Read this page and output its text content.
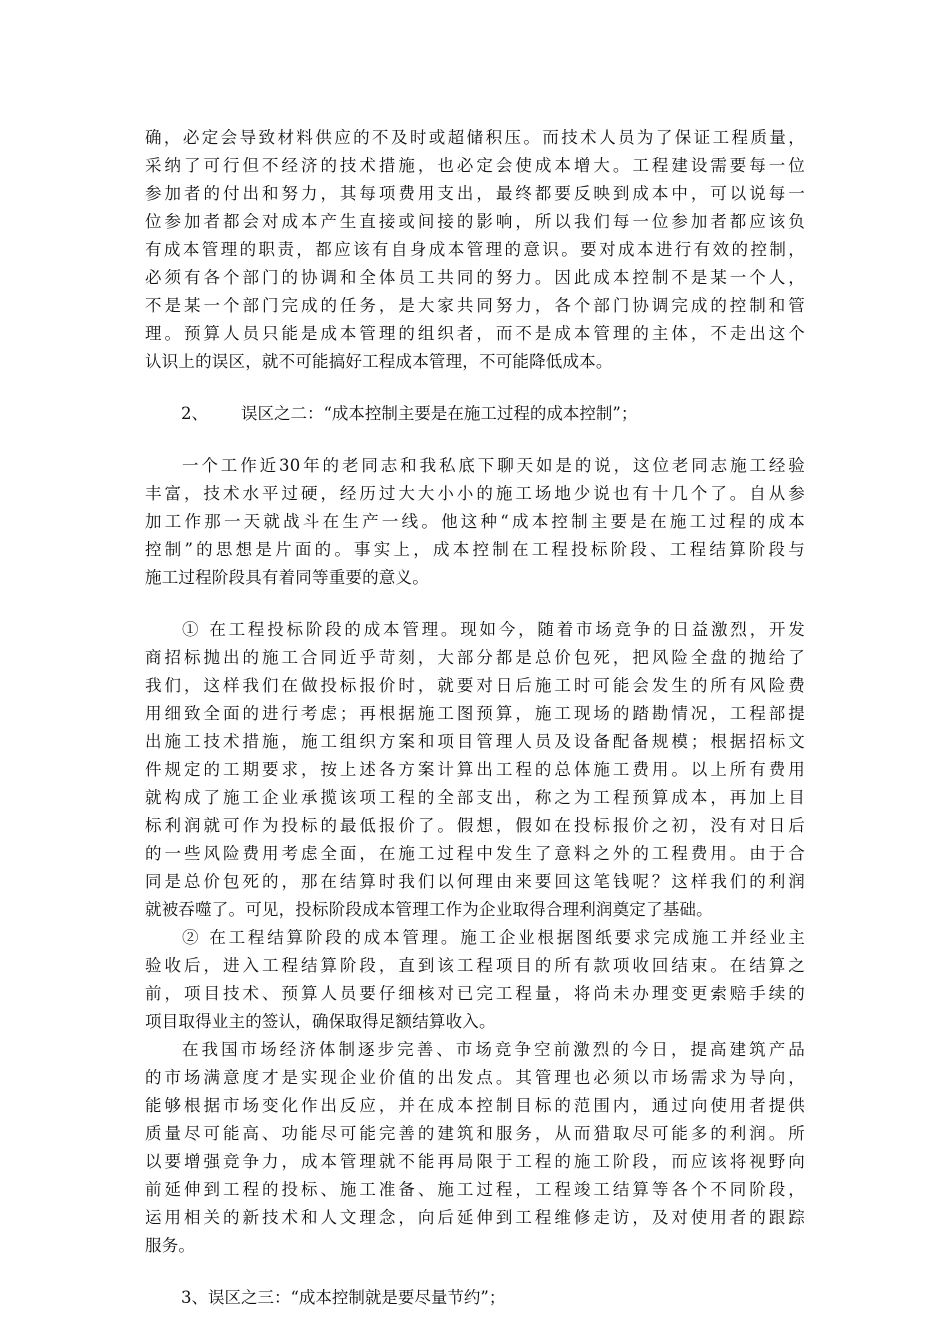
确，必定会导致材料供应的不及时或超储积压。而技术人员为了保证工程质量，
采纳了可行但不经济的技术措施，也必定会使成本增大。工程建设需要每一位
参加者的付出和努力，其每项费用支出，最终都要反映到成本中，可以说每一
位参加者都会对成本产生直接或间接的影响，所以我们每一位参加者都应该负
有成本管理的职责，都应该有自身成本管理的意识。要对成本进行有效的控制，
必须有各个部门的协调和全体员工共同的努力。因此成本控制不是某一个人，
不是某一个部门完成的任务，是大家共同努力，各个部门协调完成的控制和管
理。预算人员只能是成本管理的组织者，而不是成本管理的主体，不走出这个
认识上的误区，就不可能搞好工程成本管理，不可能降低成本。

2、 误区之二：“成本控制主要是在施工过程的成本控制”；

一个工作近30年的老同志和我私底下聊天如是的说，这位老同志施工经验
丰富，技术水平过硬，经历过大大小小的施工场地少说也有十几个了。自从参
加工作那一天就战斗在生产一线。他这种“成本控制主要是在施工过程的成本
控制”的思想是片面的。事实上，成本控制在工程投标阶段、工程结算阶段与
施工过程阶段具有着同等重要的意义。
① 在工程投标阶段的成本管理。现如今，随着市场竞争的日益激烈，开发
商招标抛出的施工合同近乎苛刻，大部分都是总价包死，把风险全盘的抛给了
我们，这样我们在做投标报价时，就要对日后施工时可能会发生的所有风险费
用细致全面的进行考虑；再根据施工图预算，施工现场的踏勘情况，工程部提
出施工技术措施，施工组织方案和项目管理人员及设备配备规模；根据招标文
件规定的工期要求，按上述各方案计算出工程的总体施工费用。以上所有费用
就构成了施工企业承揽该项工程的全部支出，称之为工程预算成本，再加上目
标利润就可作为投标的最低报价了。假想，假如在投标报价之初，没有对日后
的一些风险费用考虑全面，在施工过程中发生了意料之外的工程费用。由于合
同是总价包死的，那在结算时我们以何理由来要回这笔钱呢？这样我们的利润
就被吞噬了。可见，投标阶段成本管理工作为企业取得合理利润奠定了基础。
② 在工程结算阶段的成本管理。施工企业根据图纸要求完成施工并经业主
验收后，进入工程结算阶段，直到该工程项目的所有款项收回结束。在结算之
前，项目技术、预算人员要仔细核对已完工程量，将尚未办理变更索赔手续的
项目取得业主的签认，确保取得足额结算收入。
在我国市场经济体制逐步完善、市场竞争空前激烈的今日，提高建筑产品
的市场满意度才是实现企业价值的出发点。其管理也必须以市场需求为导向，
能够根据市场变化作出反应，并在成本控制目标的范围内，通过向使用者提供
质量尽可能高、功能尽可能完善的建筑和服务，从而猎取尽可能多的利润。所
以要增强竞争力，成本管理就不能再局限于工程的施工阶段，而应该将视野向
前延伸到工程的投标、施工准备、施工过程，工程竣工结算等各个不同阶段，
运用相关的新技术和人文理念，向后延伸到工程维修走访，及对使用者的跟踪
服务。

3、误区之三：“成本控制就是要尽量节约”；
